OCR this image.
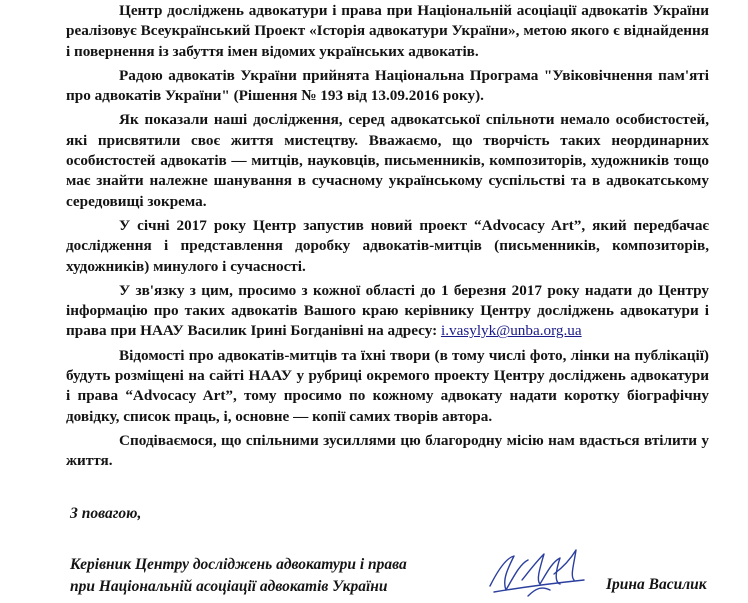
Центр досліджень адвокатури і права при Національній асоціації адвокатів України реалізовує Всеукраїнський Проект «Історія адвокатури України», метою якого є віднайдення і повернення із забуття імен відомих українських адвокатів.

Радою адвокатів України прийнята Національна Програма "Увіковічнення пам'яті про адвокатів України" (Рішення № 193 від 13.09.2016 року).

Як показали наші дослідження, серед адвокатської спільноти немало особистостей, які присвятили своє життя мистецтву. Вважаємо, що творчість таких неординарних особистостей адвокатів — митців, науковців, письменників, композиторів, художників тощо має знайти належне шанування в сучасному українському суспільстві та в адвокатському середовищі зокрема.

У січні 2017 року Центр запустив новий проект “Advocacy Art”, який передбачає дослідження і представлення доробку адвокатів-митців (письменників, композиторів, художників) минулого і сучасності.

У зв'язку з цим, просимо з кожної області до 1 березня 2017 року надати до Центру інформацію про таких адвокатів Вашого краю керівнику Центру досліджень адвокатури і права при НААУ Василик Ірині Богданівні на адресу: i.vasylyk@unba.org.ua

Відомості про адвокатів-митців та їхні твори (в тому числі фото, лінки на публікації) будуть розміщені на сайті НААУ у рубриці окремого проекту Центру досліджень адвокатури і права “Advocacy Art”, тому просимо по кожному адвокату надати коротку біографічну довідку, список праць, і, основне — копії самих творів автора.

Сподіваємося, що спільними зусиллями цю благородну місію нам вдасться втілити у життя.

З повагою,
Керівник Центру досліджень адвокатури і права
при Національній асоціації адвокатів України	Ірина Василик
